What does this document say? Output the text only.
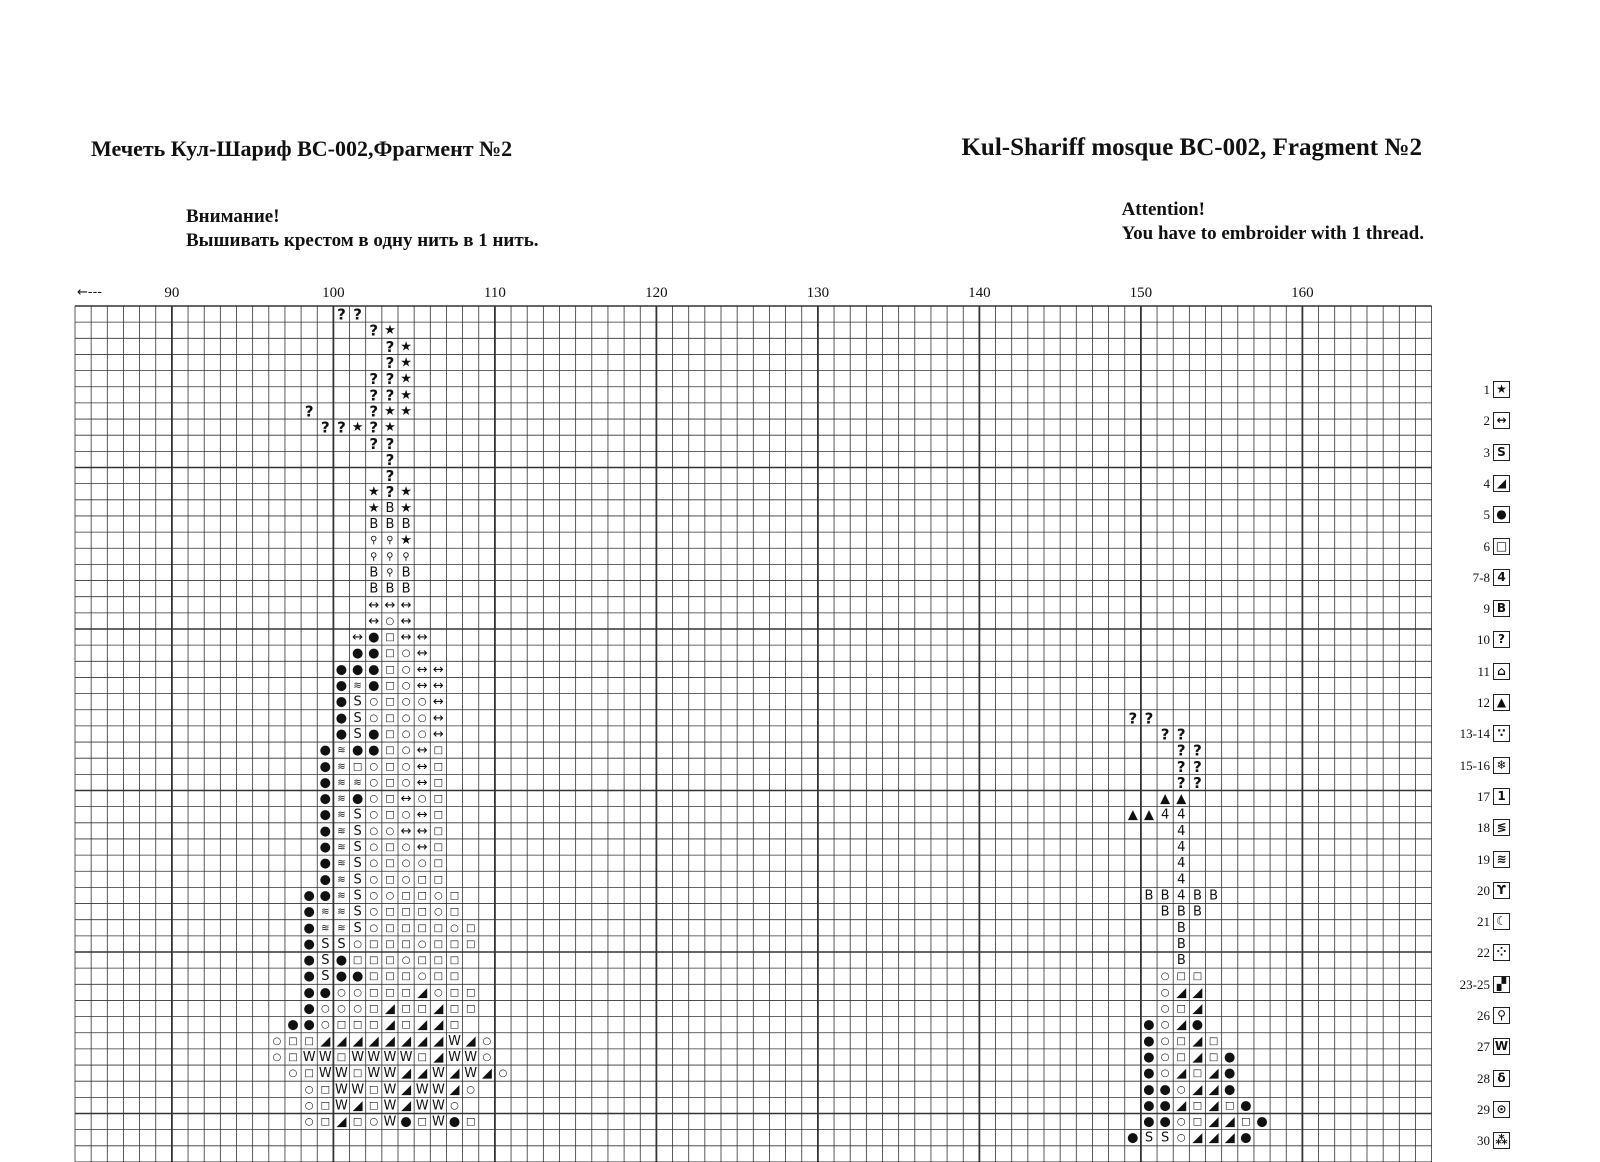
Мечеть Кул-Шариф ВС-002,Фрагмент №2	Kul-Shariff mosque ВС-002, Fragment №2
Внимание!
Вышивать крестом в одну нить в 1 нить.
Attention!
You have to embroider with 1 thread.
←---	90	100	110	120	130	140	150	160
? ?
? ★
? ★
? ★
? ? ★
? ? ★
?	? ★ ★
? ? ★ ? ★
? ?
?
?
★ ? ★
★ B ★
B B B
⚲ ⚲ ★
⚲ ⚲ ⚲
B ⚲ B
B B B
↔ ↔ ↔
↔ ○ ↔
↔ ● □ ↔ ↔
● ● □ ○ ↔
● ● ● □ ○ ↔ ↔
● ≋ ● □ ○ ↔ ↔
● S ○ □ ○ ○ ↔
● S ○ □ ○ ○ ↔
● S ● □ ○ ○ ↔
● ≋ ● ● □ ○ ↔ □
● ≋ □ ○ □ ○ ↔ □
● ≋ ≋ ○ □ ○ ↔ □
● ≋ ● ○ □ ↔ ○ □
● ≋ S ○ □ ○ ↔ □
● ≋ S ○ ○ ↔ ↔ □
● ≋ S ○ □ ○ ↔ □
● ≋ S ○ □ ○ ○ □
● ≋ S ○ □ ○ □ □
● ● ≋ S ○ ○ □ □ ○ □
● ≋ ≋ S ○ □ □ □ ○ □
● ≋ ≋ S ○ □ □ □ □ ○ □
● S S ○ □ □ □ ○ □ □ □
● S ● □ □ □ ○ □ □ □
● S ● ● □ □ □ ○ □ □
● ● ○ ○ □ □ □ ◢ ○ □ □
● ○ ○ ○ □ ◢ □ □ ◢ □ □
● ● ○ □ □ □ ◢ □ ◢ ◢ □
○ □ □ ◢ ◢ ◢ ◢ ◢ ◢ ◢ ◢ W ◢ ○
○ □ W W □ W W W W □ ◢ W W ○
○ □ W W □ W W ◢ ◢ W ◢ W ◢ ○
○ □ W W □ W ◢ W W ◢ ○
○ □ W ◢ □ W ◢ W W ○
○ □ ◢ □ ○ W ● □ W ● □
? ?
? ?
? ?
? ?
? ?
▲ ▲
▲ ▲ 4 4
4
4
4
4
B B 4 B B
B B B
B
B
B
○ □ □
○ ◢ ◢
○ □ ◢
● ○ ◢ ●
● ○ □ ◢ □
● ○ □ ◢ □ ●
● ○ ◢ □ ◢ ●
● ● ○ ◢ ◢ ●
● ● ◢ □ ◢ □ ●
● ● ○ □ ◢ ◢ □ ●
● S S ○ ◢ ◢ ◢ ●
1 ★
2 ↔
3 S
4 ◢
5 ●
6 □
7-8 4
9 B
10 ?
11 ⌂
12 ▲
13-14 ∵
15-16 ❄
17 1
18 ≶
19 ≋
20 ϒ
21 ☾
22 ⁘
23-25 ▞
26 ⚲
27 W
28 δ
29 ⊙
30 ⁂
